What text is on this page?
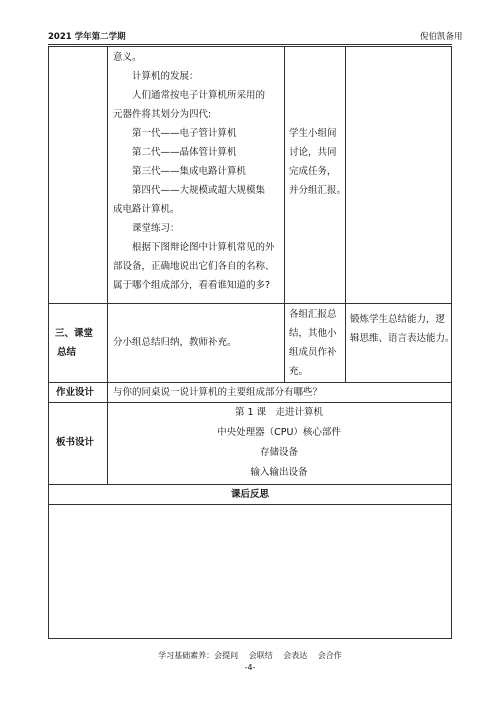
2021 学年第二学期	倪伯凯备用
意义。
计算机的发展：
人们通常按电子计算机所采用的
元器件将其划分为四代:
第一代——电子管计算机
第二代——晶体管计算机
第三代——集成电路计算机
第四代——大规模或超大规模集
成电路计算机。
课堂练习：
根据下图辩论图中计算机常见的外
部设备，正确地说出它们各自的名称、
属于哪个组成部分，看看谁知道的多?
学生小组间
讨论，共同
完成任务，
并分组汇报。
三、课堂
总结
分小组总结归纳，教师补充。
各组汇报总
结，其他小
组成员作补
充。
锻炼学生总结能力，逻
辑思维、语言表达能力。
作业设计 与你的同桌说一说计算机的主要组成部分有哪些？
板书设计
第 1 课　走进计算机
中央处理器（CPU）核心部件
存储设备
输入输出设备
课后反思
学习基础素养：会提问　 会联结　 会表达　 会合作
-4-
